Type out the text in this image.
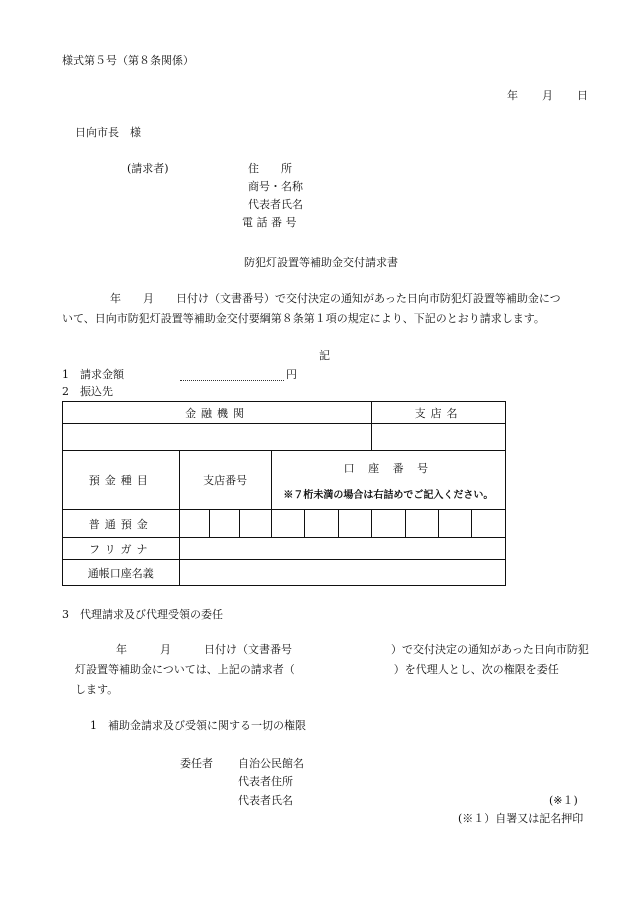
様式第５号（第８条関係）
年 月 日
日向市長　様
(請求者)	住　　所
商号・名称
代表者氏名
電 話 番 号
防犯灯設置等補助金交付請求書
年　　月　　日付け（文書番号）で交付決定の通知があった日向市防犯灯設置等補助金につ
いて、日向市防犯灯設置等補助金交付要綱第８条第１項の規定により、下記のとおり請求します。
記
1　請求金額	円
2　振込先
金融機関							支店名			

預金種目	支店番号			口 座 番 号
※７桁未満の場合は右詰めでご記入ください。						

普通預金										
フリガナ										
通帳口座名義										
3　代理請求及び代理受領の委任
年　　　月　　　日付け（文書番号　　　　　　　　　）で交付決定の通知があった日向市防犯
灯設置等補助金については、上記の請求者（　　　　　　　　　）を代理人とし、次の権限を委任
します。
1　補助金請求及び受領に関する一切の権限
委任者 自治公民館名
代表者住所
代表者氏名	(※１)
(※１）自署又は記名押印
